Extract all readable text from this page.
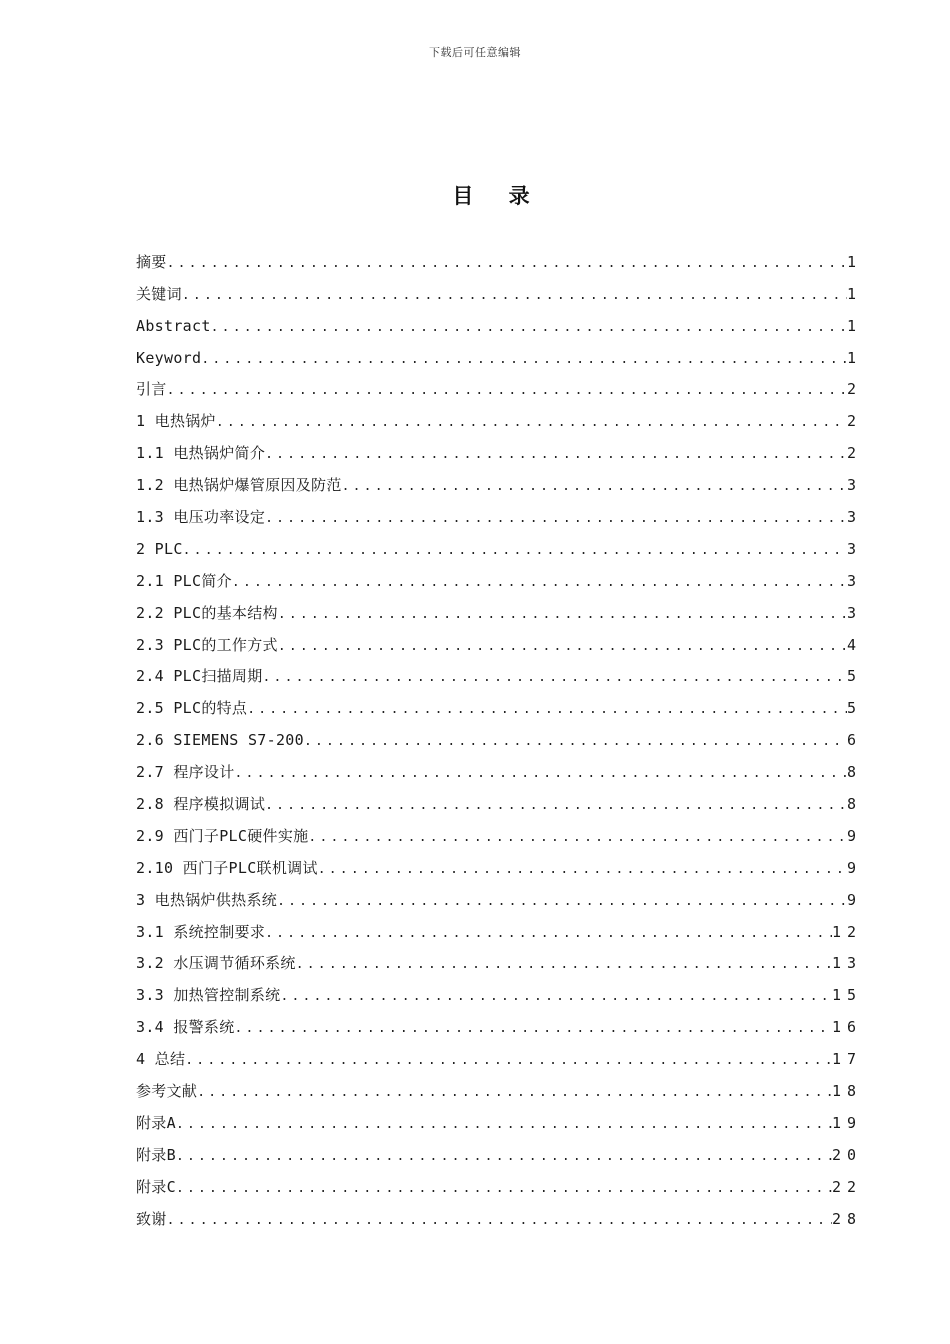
下载后可任意编辑
目 录
摘要 .....	1
关键词 .....	1
Abstract .....	1
Keyword .....	1
引言 .....	2
1 电热锅炉 .....	2
1.1 电热锅炉简介 .....	2
1.2 电热锅炉爆管原因及防范 .....	3
1.3 电压功率设定 .....	3
2 PLC .....	3
2.1 PLC简介 .....	3
2.2 PLC的基本结构 .....	3
2.3 PLC的工作方式 .....	4
2.4 PLC扫描周期 .....	5
2.5 PLC的特点 .....	5
2.6 SIEMENS S7-200 .....	6
2.7 程序设计 .....	8
2.8 程序模拟调试 .....	8
2.9 西门子PLC硬件实施 .....	9
2.10 西门子PLC联机调试 .....	9
3 电热锅炉供热系统 .....	9
3.1 系统控制要求 .....	12
3.2 水压调节循环系统 .....	13
3.3 加热管控制系统 .....	15
3.4 报警系统 .....	16
4 总结 .....	17
参考文献 .....	18
附录A .....	19
附录B .....	20
附录C .....	22
致谢 .....	28
